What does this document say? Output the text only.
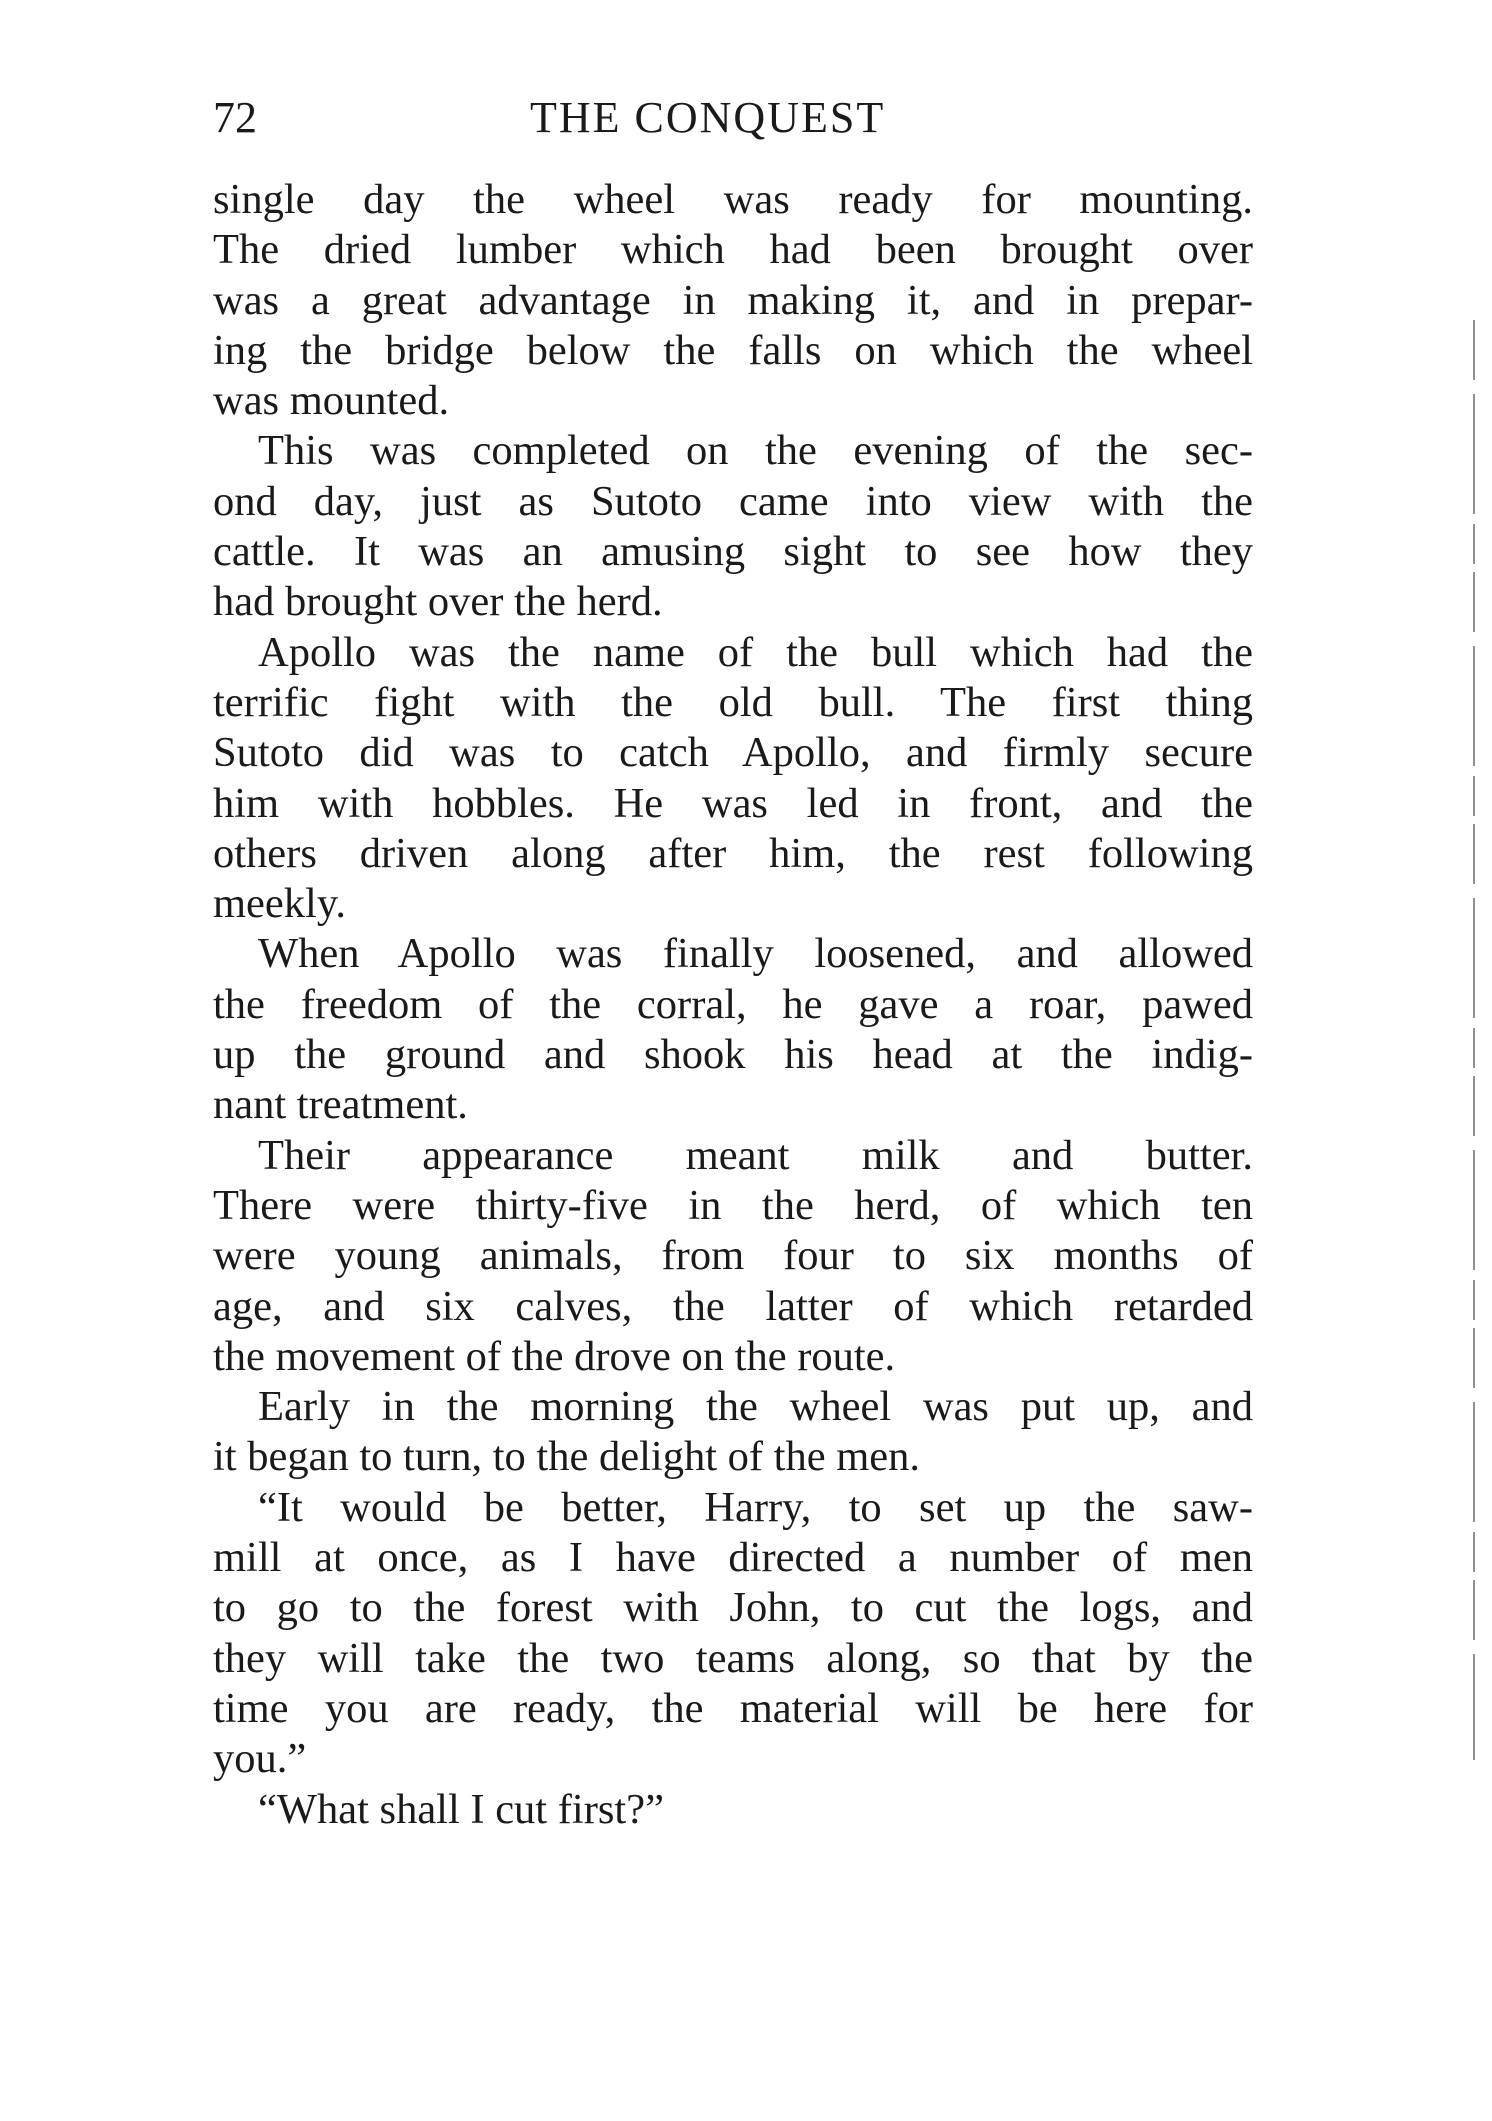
72	THE CONQUEST
single day the wheel was ready for mounting.
The dried lumber which had been brought over
was a great advantage in making it, and in prepar-
ing the bridge below the falls on which the wheel
was mounted.
This was completed on the evening of the sec-
ond day, just as Sutoto came into view with the
cattle. It was an amusing sight to see how they
had brought over the herd.
Apollo was the name of the bull which had the
terrific fight with the old bull. The first thing
Sutoto did was to catch Apollo, and firmly secure
him with hobbles. He was led in front, and the
others driven along after him, the rest following
meekly.
When Apollo was finally loosened, and allowed
the freedom of the corral, he gave a roar, pawed
up the ground and shook his head at the indig-
nant treatment.
Their appearance meant milk and butter.
There were thirty-five in the herd, of which ten
were young animals, from four to six months of
age, and six calves, the latter of which retarded
the movement of the drove on the route.
Early in the morning the wheel was put up, and
it began to turn, to the delight of the men.
“It would be better, Harry, to set up the saw-
mill at once, as I have directed a number of men
to go to the forest with John, to cut the logs, and
they will take the two teams along, so that by the
time you are ready, the material will be here for
you.”
“What shall I cut first?”
